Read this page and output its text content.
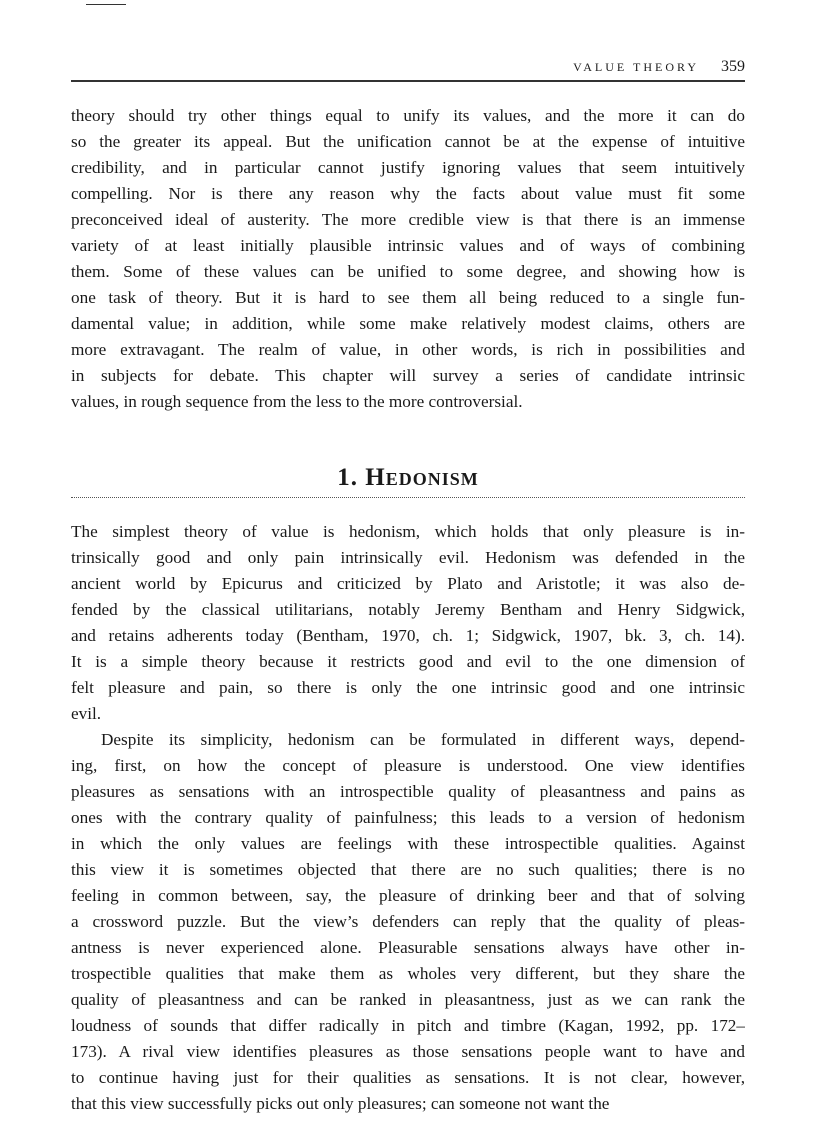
VALUE THEORY 359
theory should try other things equal to unify its values, and the more it can do
so the greater its appeal. But the unification cannot be at the expense of intuitive
credibility, and in particular cannot justify ignoring values that seem intuitively
compelling. Nor is there any reason why the facts about value must fit some
preconceived ideal of austerity. The more credible view is that there is an immense
variety of at least initially plausible intrinsic values and of ways of combining
them. Some of these values can be unified to some degree, and showing how is
one task of theory. But it is hard to see them all being reduced to a single fun-
damental value; in addition, while some make relatively modest claims, others are
more extravagant. The realm of value, in other words, is rich in possibilities and
in subjects for debate. This chapter will survey a series of candidate intrinsic
values, in rough sequence from the less to the more controversial.
1. Hedonism
The simplest theory of value is hedonism, which holds that only pleasure is in-
trinsically good and only pain intrinsically evil. Hedonism was defended in the
ancient world by Epicurus and criticized by Plato and Aristotle; it was also de-
fended by the classical utilitarians, notably Jeremy Bentham and Henry Sidgwick,
and retains adherents today (Bentham, 1970, ch. 1; Sidgwick, 1907, bk. 3, ch. 14).
It is a simple theory because it restricts good and evil to the one dimension of
felt pleasure and pain, so there is only the one intrinsic good and one intrinsic
evil.
Despite its simplicity, hedonism can be formulated in different ways, depend-
ing, first, on how the concept of pleasure is understood. One view identifies
pleasures as sensations with an introspectible quality of pleasantness and pains as
ones with the contrary quality of painfulness; this leads to a version of hedonism
in which the only values are feelings with these introspectible qualities. Against
this view it is sometimes objected that there are no such qualities; there is no
feeling in common between, say, the pleasure of drinking beer and that of solving
a crossword puzzle. But the view’s defenders can reply that the quality of pleas-
antness is never experienced alone. Pleasurable sensations always have other in-
trospectible qualities that make them as wholes very different, but they share the
quality of pleasantness and can be ranked in pleasantness, just as we can rank the
loudness of sounds that differ radically in pitch and timbre (Kagan, 1992, pp. 172–
173). A rival view identifies pleasures as those sensations people want to have and
to continue having just for their qualities as sensations. It is not clear, however,
that this view successfully picks out only pleasures; can someone not want the
